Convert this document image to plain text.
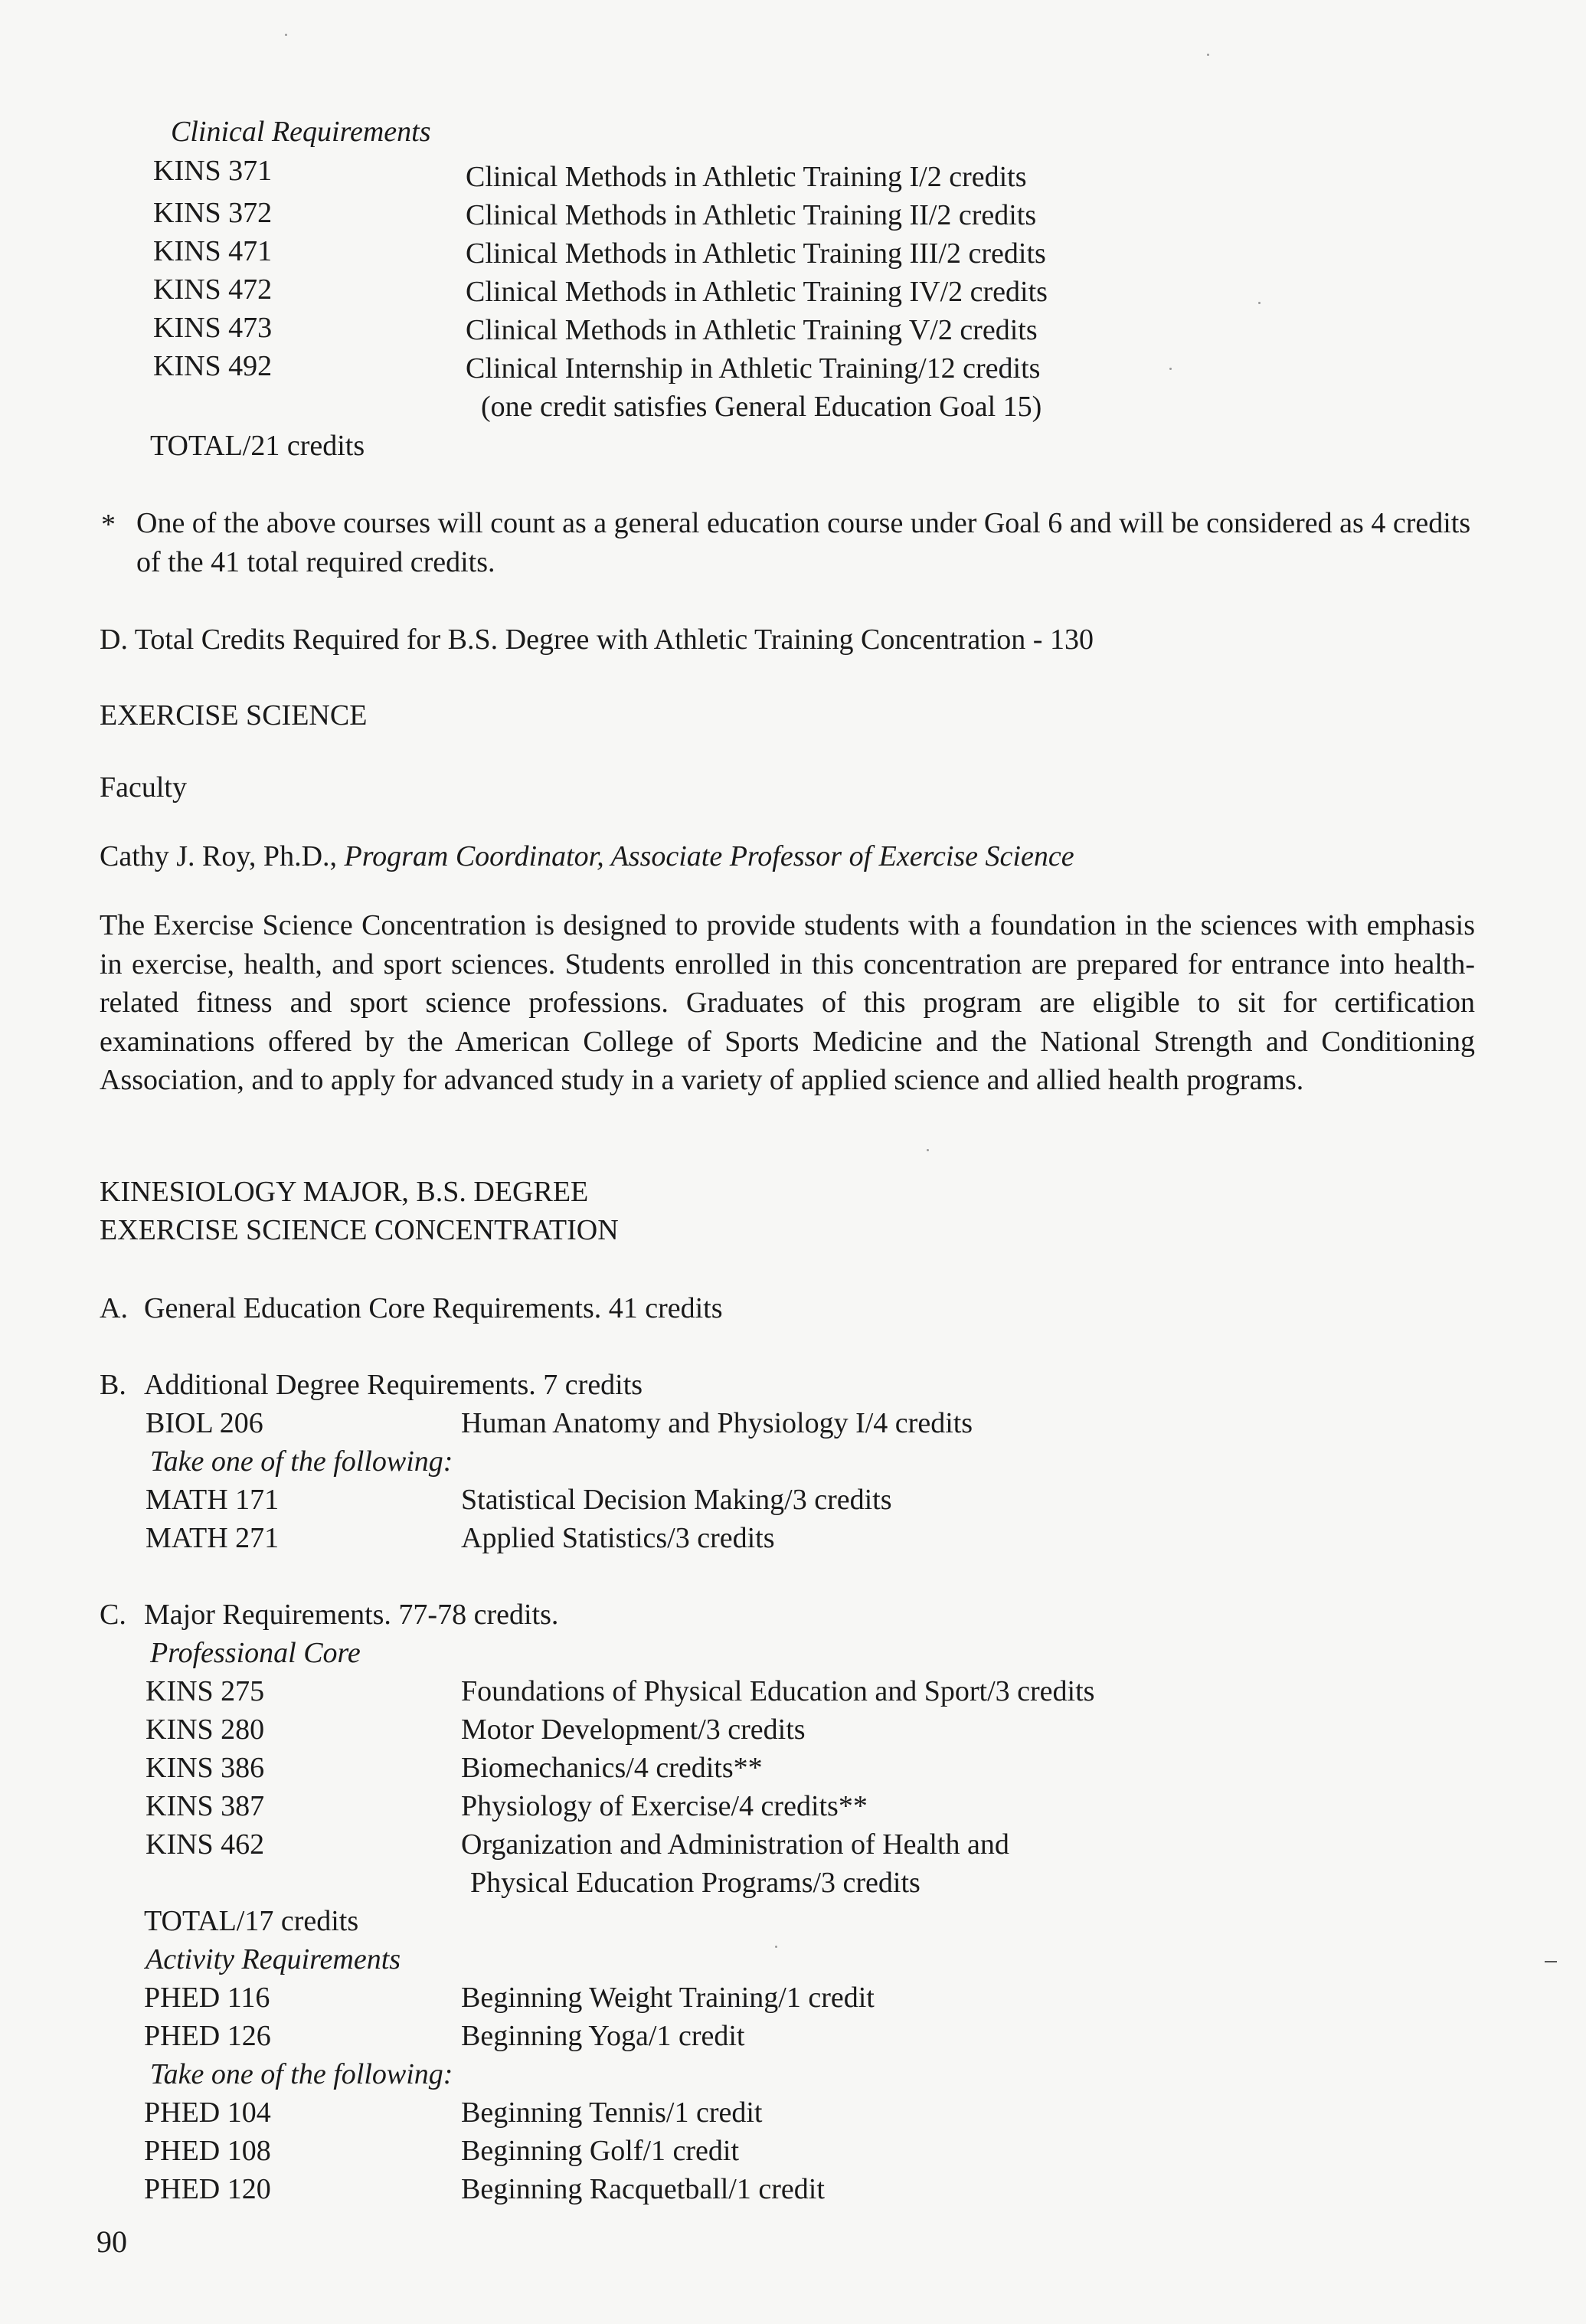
Clinical Requirements
KINS 371	Clinical Methods in Athletic Training I/2 credits
KINS 372	Clinical Methods in Athletic Training II/2 credits
KINS 471	Clinical Methods in Athletic Training III/2 credits
KINS 472	Clinical Methods in Athletic Training IV/2 credits
KINS 473	Clinical Methods in Athletic Training V/2 credits
KINS 492	Clinical Internship in Athletic Training/12 credits
(one credit satisfies General Education Goal 15)
TOTAL/21 credits
* One of the above courses will count as a general education course under Goal 6 and will be considered as 4 credits of the 41 total required credits.
D. Total Credits Required for B.S. Degree with Athletic Training Concentration - 130
EXERCISE SCIENCE
Faculty
Cathy J. Roy, Ph.D., Program Coordinator, Associate Professor of Exercise Science
The Exercise Science Concentration is designed to provide students with a foundation in the sciences with emphasis in exercise, health, and sport sciences. Students enrolled in this concentration are prepared for entrance into health-related fitness and sport science professions. Graduates of this program are eligible to sit for certification examinations offered by the American College of Sports Medicine and the National Strength and Conditioning Association, and to apply for advanced study in a variety of applied science and allied health programs.
KINESIOLOGY MAJOR, B.S. DEGREE
EXERCISE SCIENCE CONCENTRATION
A. General Education Core Requirements. 41 credits
B. Additional Degree Requirements. 7 credits
BIOL 206	Human Anatomy and Physiology I/4 credits
Take one of the following:
MATH 171	Statistical Decision Making/3 credits
MATH 271	Applied Statistics/3 credits
C. Major Requirements. 77-78 credits.
Professional Core
KINS 275	Foundations of Physical Education and Sport/3 credits
KINS 280	Motor Development/3 credits
KINS 386	Biomechanics/4 credits**
KINS 387	Physiology of Exercise/4 credits**
KINS 462	Organization and Administration of Health and
Physical Education Programs/3 credits
TOTAL/17 credits
Activity Requirements
PHED 116	Beginning Weight Training/1 credit
PHED 126	Beginning Yoga/1 credit
Take one of the following:
PHED 104	Beginning Tennis/1 credit
PHED 108	Beginning Golf/1 credit
PHED 120	Beginning Racquetball/1 credit
90
